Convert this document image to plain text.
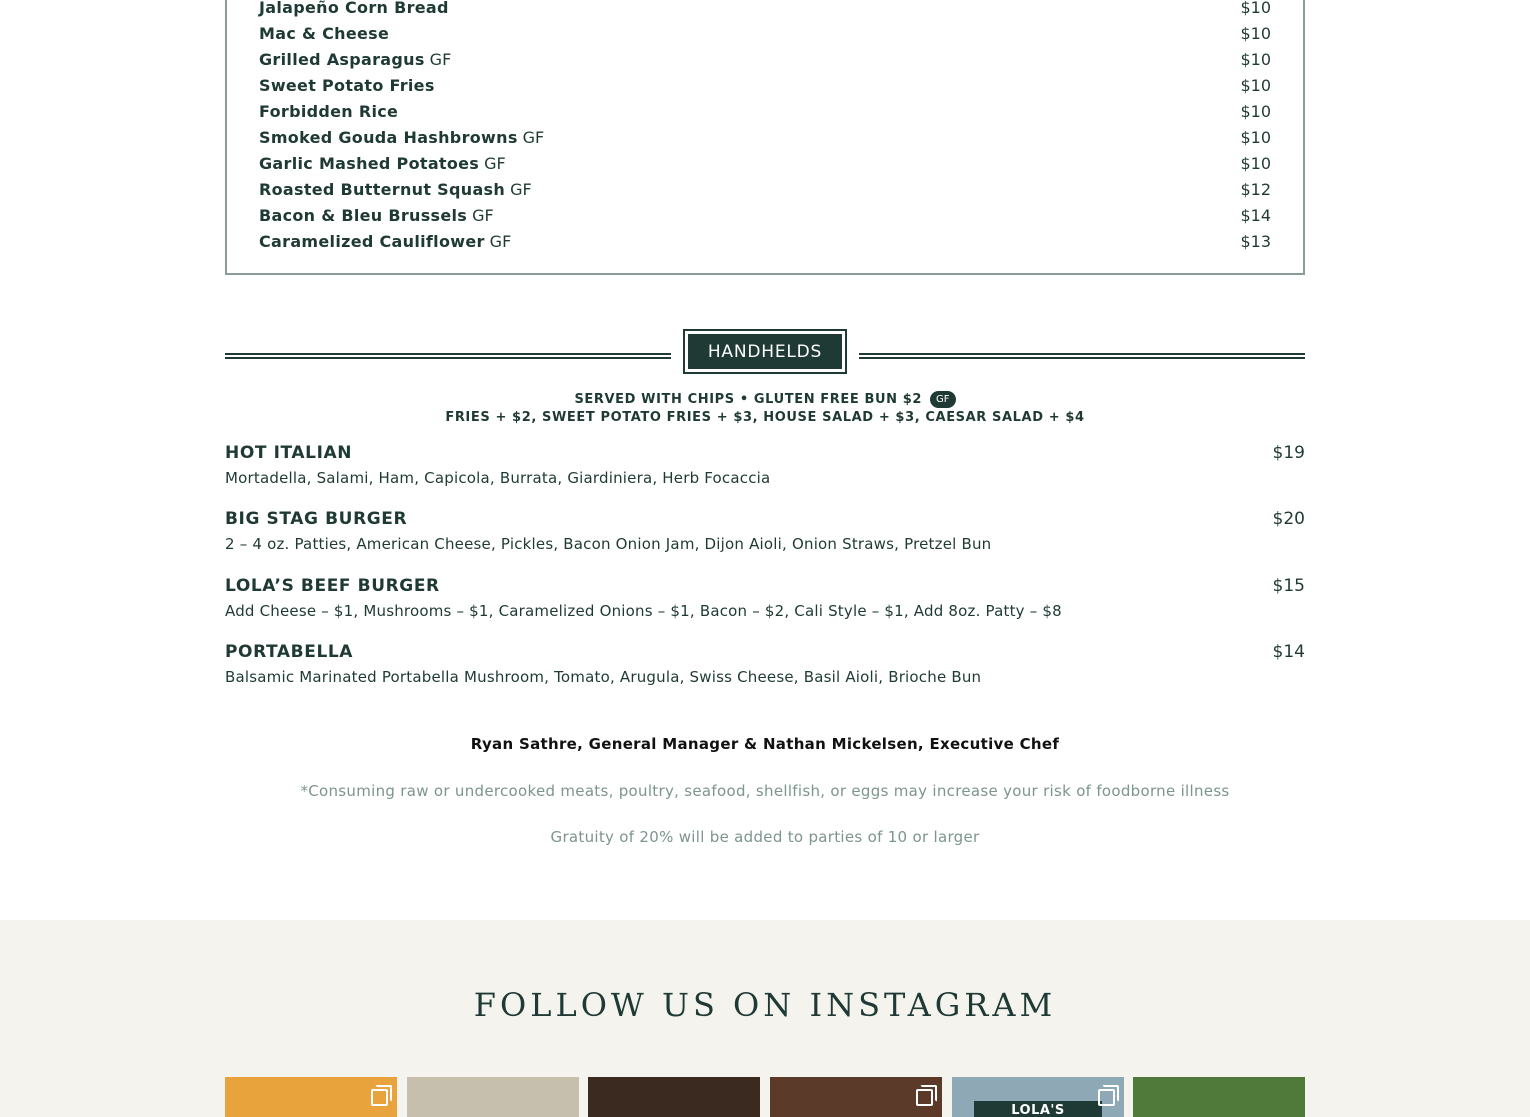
Jalapeño Corn Bread	$10
Mac & Cheese	$10
Grilled Asparagus GF	$10
Sweet Potato Fries	$10
Forbidden Rice	$10
Smoked Gouda Hashbrowns GF	$10
Garlic Mashed Potatoes GF	$10
Roasted Butternut Squash GF	$12
Bacon & Bleu Brussels GF	$14
Caramelized Cauliflower GF	$13
HANDHELDS
SERVED WITH CHIPS • GLUTEN FREE BUN $2 GF
FRIES + $2, SWEET POTATO FRIES + $3, HOUSE SALAD + $3, CAESAR SALAD + $4
HOT ITALIAN	$19
Mortadella, Salami, Ham, Capicola, Burrata, Giardiniera, Herb Focaccia
BIG STAG BURGER	$20
2 – 4 oz. Patties, American Cheese, Pickles, Bacon Onion Jam, Dijon Aioli, Onion Straws, Pretzel Bun
LOLA’S BEEF BURGER	$15
Add Cheese – $1, Mushrooms – $1, Caramelized Onions – $1, Bacon – $2, Cali Style – $1, Add 8oz. Patty – $8
PORTABELLA	$14
Balsamic Marinated Portabella Mushroom, Tomato, Arugula, Swiss Cheese, Basil Aioli, Brioche Bun
Ryan Sathre, General Manager & Nathan Mickelsen, Executive Chef
*Consuming raw or undercooked meats, poultry, seafood, shellfish, or eggs may increase your risk of foodborne illness
Gratuity of 20% will be added to parties of 10 or larger
FOLLOW US ON INSTAGRAM
LOLA'S
